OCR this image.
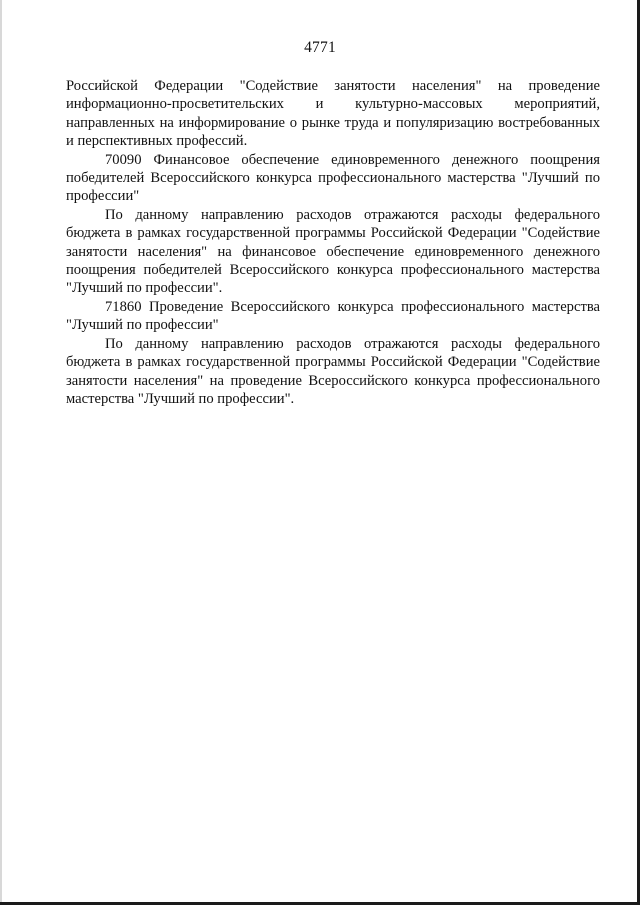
4771

Российской Федерации "Содействие занятости населения" на проведение информационно-просветительских и культурно-массовых мероприятий, направленных на информирование о рынке труда и популяризацию востребованных и перспективных профессий.

70090 Финансовое обеспечение единовременного денежного поощрения победителей Всероссийского конкурса профессионального мастерства "Лучший по профессии"

По данному направлению расходов отражаются расходы федерального бюджета в рамках государственной программы Российской Федерации "Содействие занятости населения" на финансовое обеспечение единовременного денежного поощрения победителей Всероссийского конкурса профессионального мастерства "Лучший по профессии".

71860 Проведение Всероссийского конкурса профессионального мастерства "Лучший по профессии"

По данному направлению расходов отражаются расходы федерального бюджета в рамках государственной программы Российской Федерации "Содействие занятости населения" на проведение Всероссийского конкурса профессионального мастерства "Лучший по профессии".
